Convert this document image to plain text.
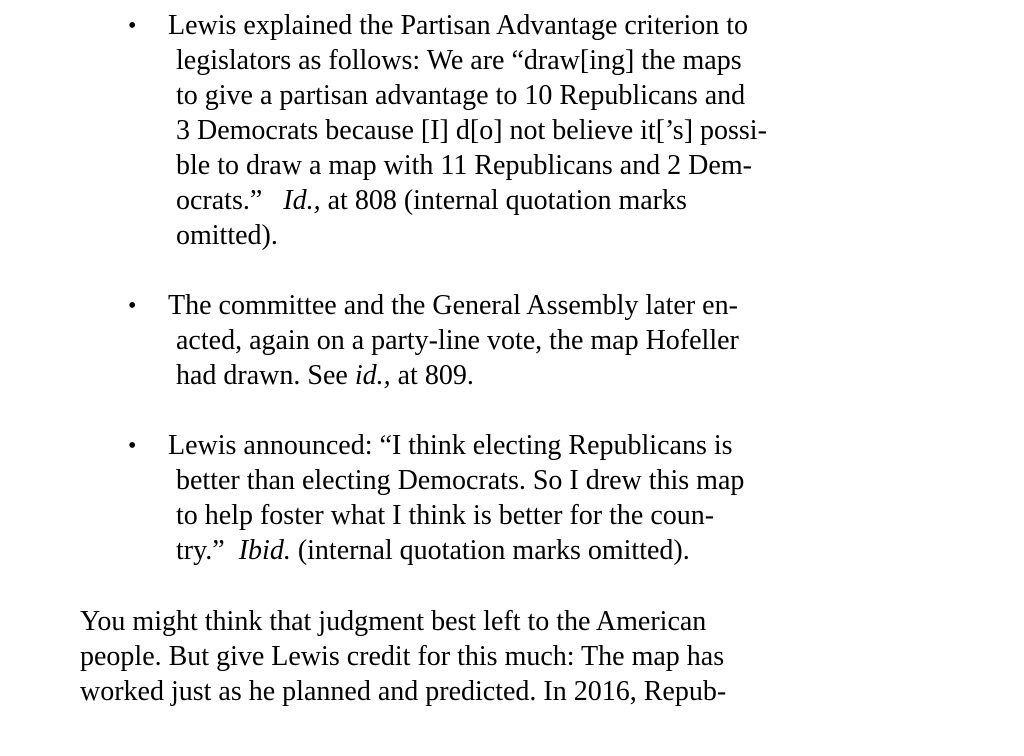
• Lewis explained the Partisan Advantage criterion to
legislators as follows: We are “draw[ing] the maps
to give a partisan advantage to 10 Republicans and
3 Democrats because [I] d[o] not believe it[’s] possi-
ble to draw a map with 11 Republicans and 2 Dem-
ocrats.” Id., at 808 (internal quotation marks
omitted).
• The committee and the General Assembly later en-
acted, again on a party-line vote, the map Hofeller
had drawn. See id., at 809.
• Lewis announced: “I think electing Republicans is
better than electing Democrats. So I drew this map
to help foster what I think is better for the coun-
try.” Ibid. (internal quotation marks omitted).
You might think that judgment best left to the American
people. But give Lewis credit for this much: The map has
worked just as he planned and predicted. In 2016, Repub-
